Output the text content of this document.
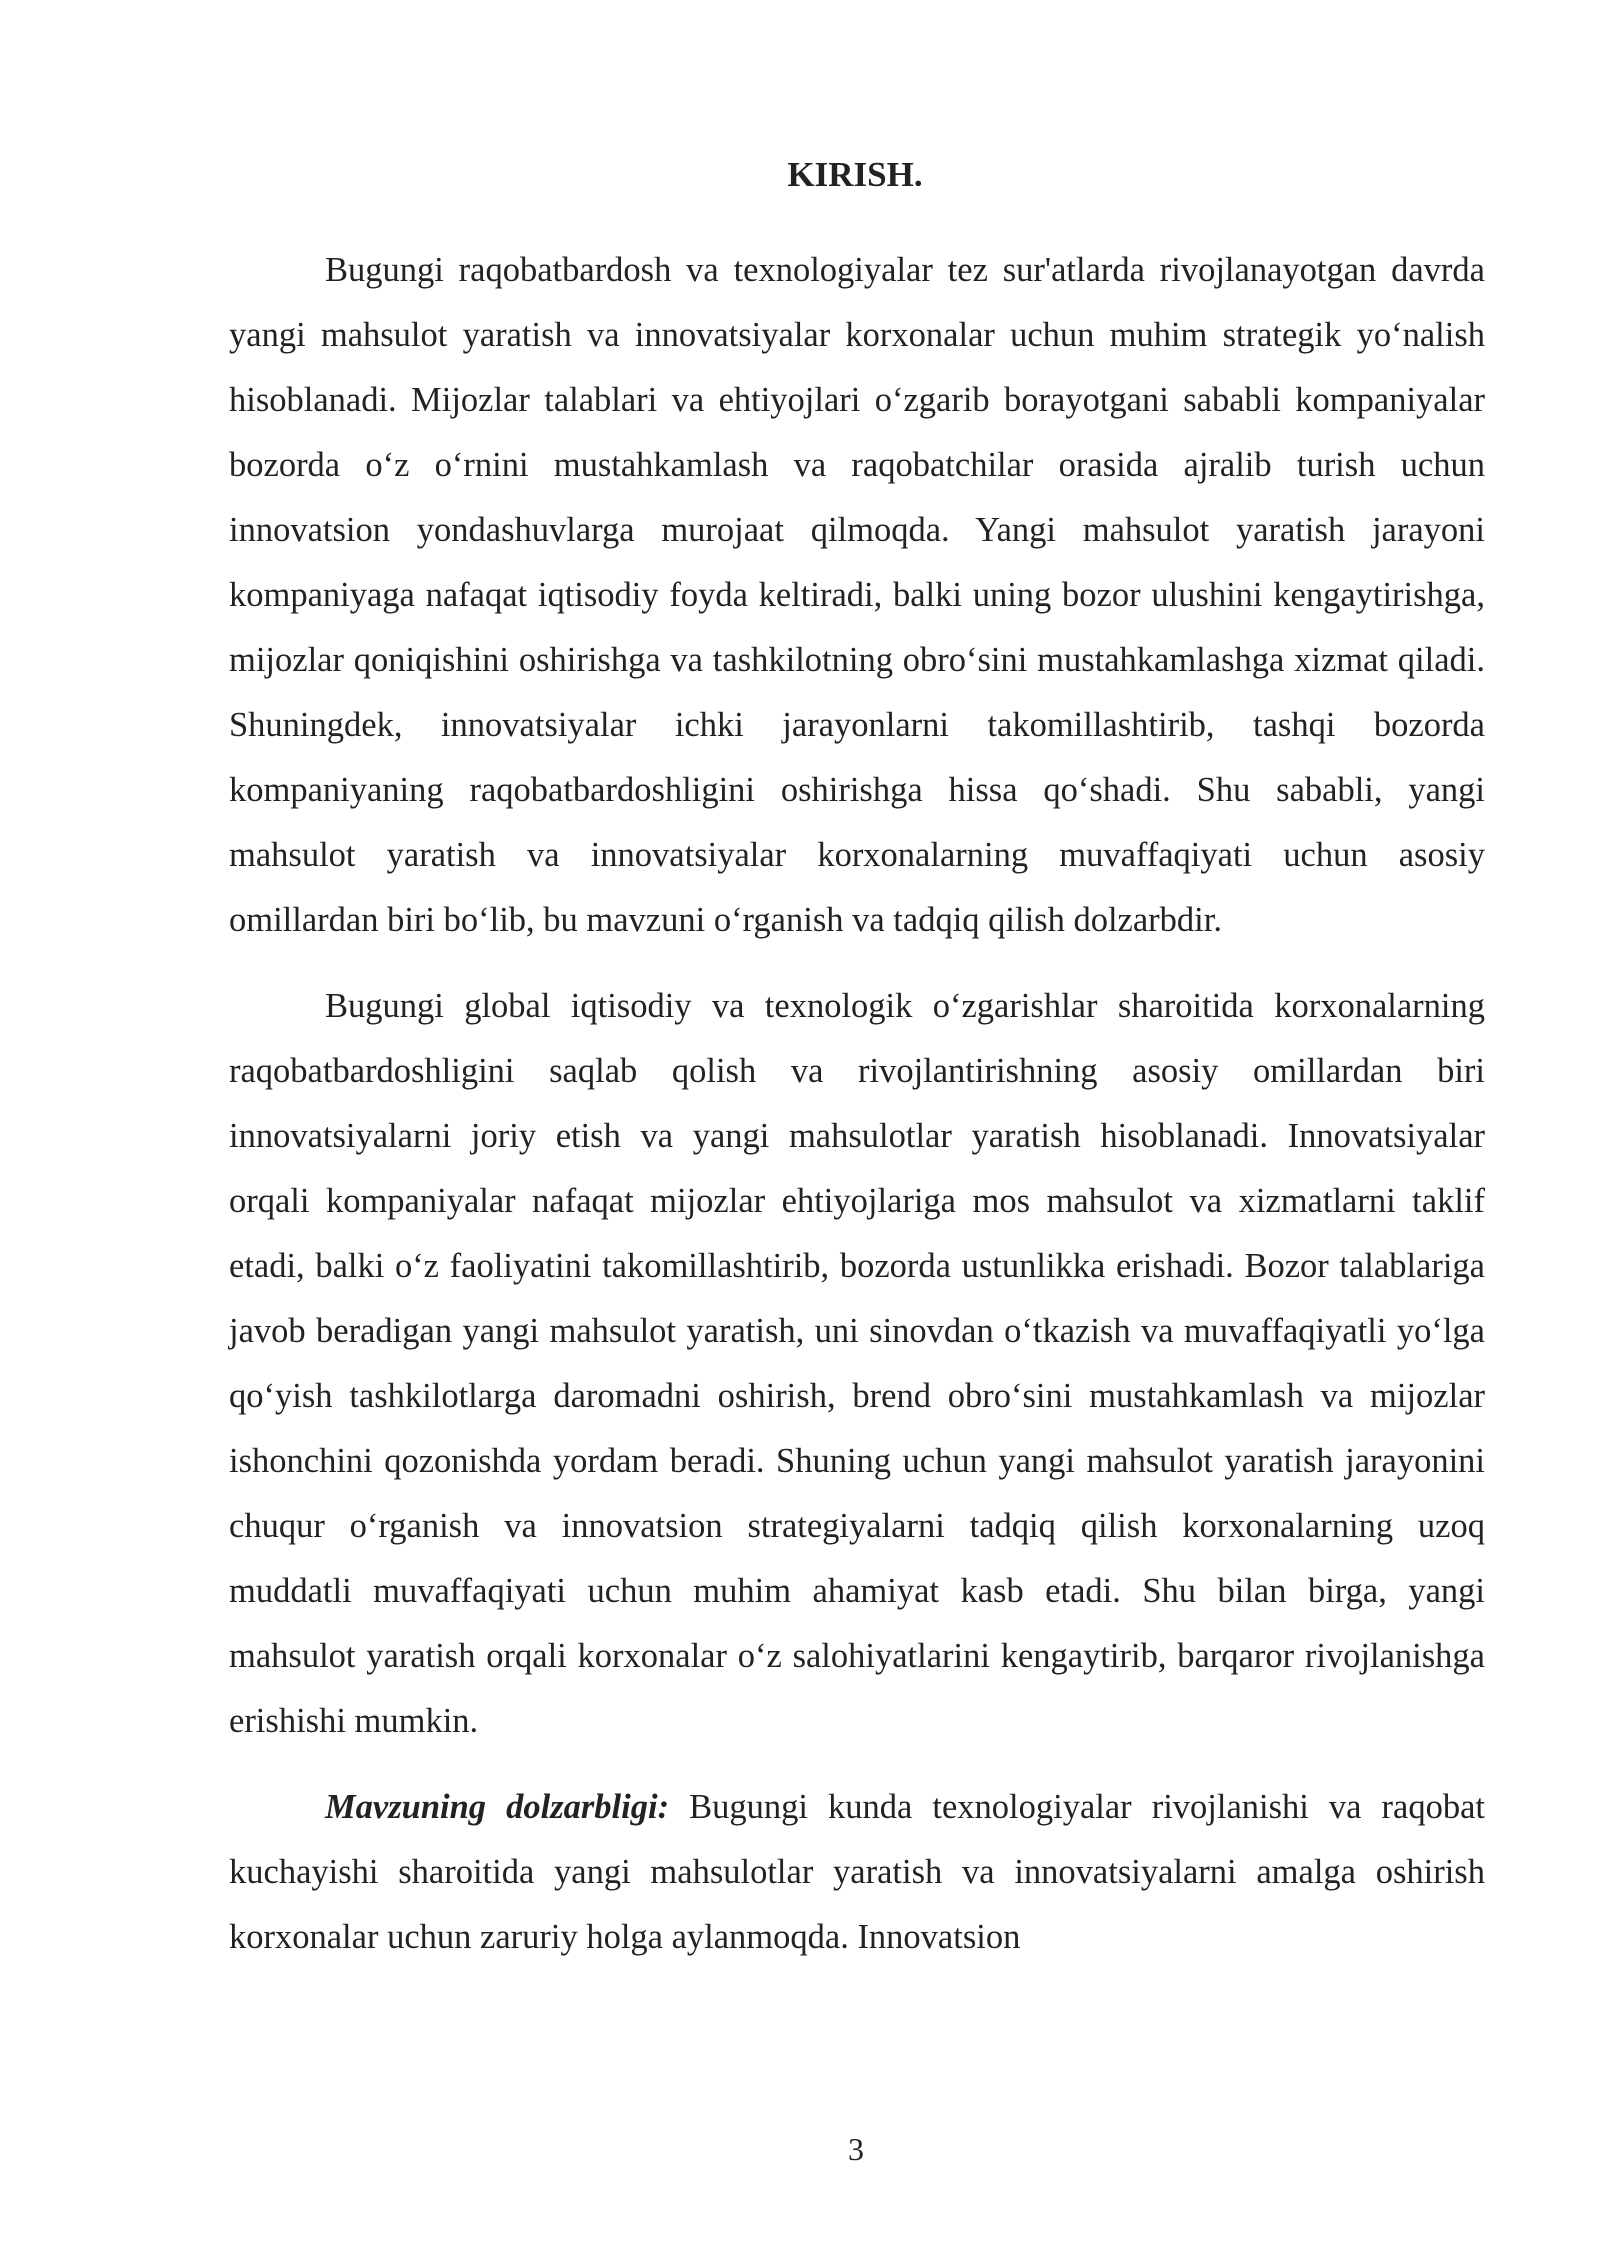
KIRISH.

Bugungi raqobatbardosh va texnologiyalar tez sur'atlarda rivojlanayotgan davrda yangi mahsulot yaratish va innovatsiyalar korxonalar uchun muhim strategik yo‘nalish hisoblanadi. Mijozlar talablari va ehtiyojlari o‘zgarib borayotgani sababli kompaniyalar bozorda o‘z o‘rnini mustahkamlash va raqobatchilar orasida ajralib turish uchun innovatsion yondashuvlarga murojaat qilmoqda. Yangi mahsulot yaratish jarayoni kompaniyaga nafaqat iqtisodiy foyda keltiradi, balki uning bozor ulushini kengaytirishga, mijozlar qoniqishini oshirishga va tashkilotning obro‘sini mustahkamlashga xizmat qiladi. Shuningdek, innovatsiyalar ichki jarayonlarni takomillashtirib, tashqi bozorda kompaniyaning raqobatbardoshligini oshirishga hissa qo‘shadi. Shu sababli, yangi mahsulot yaratish va innovatsiyalar korxonalarning muvaffaqiyati uchun asosiy omillardan biri bo‘lib, bu mavzuni o‘rganish va tadqiq qilish dolzarbdir.

Bugungi global iqtisodiy va texnologik o‘zgarishlar sharoitida korxonalarning raqobatbardoshligini saqlab qolish va rivojlantirishning asosiy omillardan biri innovatsiyalarni joriy etish va yangi mahsulotlar yaratish hisoblanadi. Innovatsiyalar orqali kompaniyalar nafaqat mijozlar ehtiyojlariga mos mahsulot va xizmatlarni taklif etadi, balki o‘z faoliyatini takomillashtirib, bozorda ustunlikka erishadi. Bozor talablariga javob beradigan yangi mahsulot yaratish, uni sinovdan o‘tkazish va muvaffaqiyatli yo‘lga qo‘yish tashkilotlarga daromadni oshirish, brend obro‘sini mustahkamlash va mijozlar ishonchini qozonishda yordam beradi. Shuning uchun yangi mahsulot yaratish jarayonini chuqur o‘rganish va innovatsion strategiyalarni tadqiq qilish korxonalarning uzoq muddatli muvaffaqiyati uchun muhim ahamiyat kasb etadi. Shu bilan birga, yangi mahsulot yaratish orqali korxonalar o‘z salohiyatlarini kengaytirib, barqaror rivojlanishga erishishi mumkin.

Mavzuning dolzarbligi: Bugungi kunda texnologiyalar rivojlanishi va raqobat kuchayishi sharoitida yangi mahsulotlar yaratish va innovatsiyalarni amalga oshirish korxonalar uchun zaruriy holga aylanmoqda. Innovatsion

3
